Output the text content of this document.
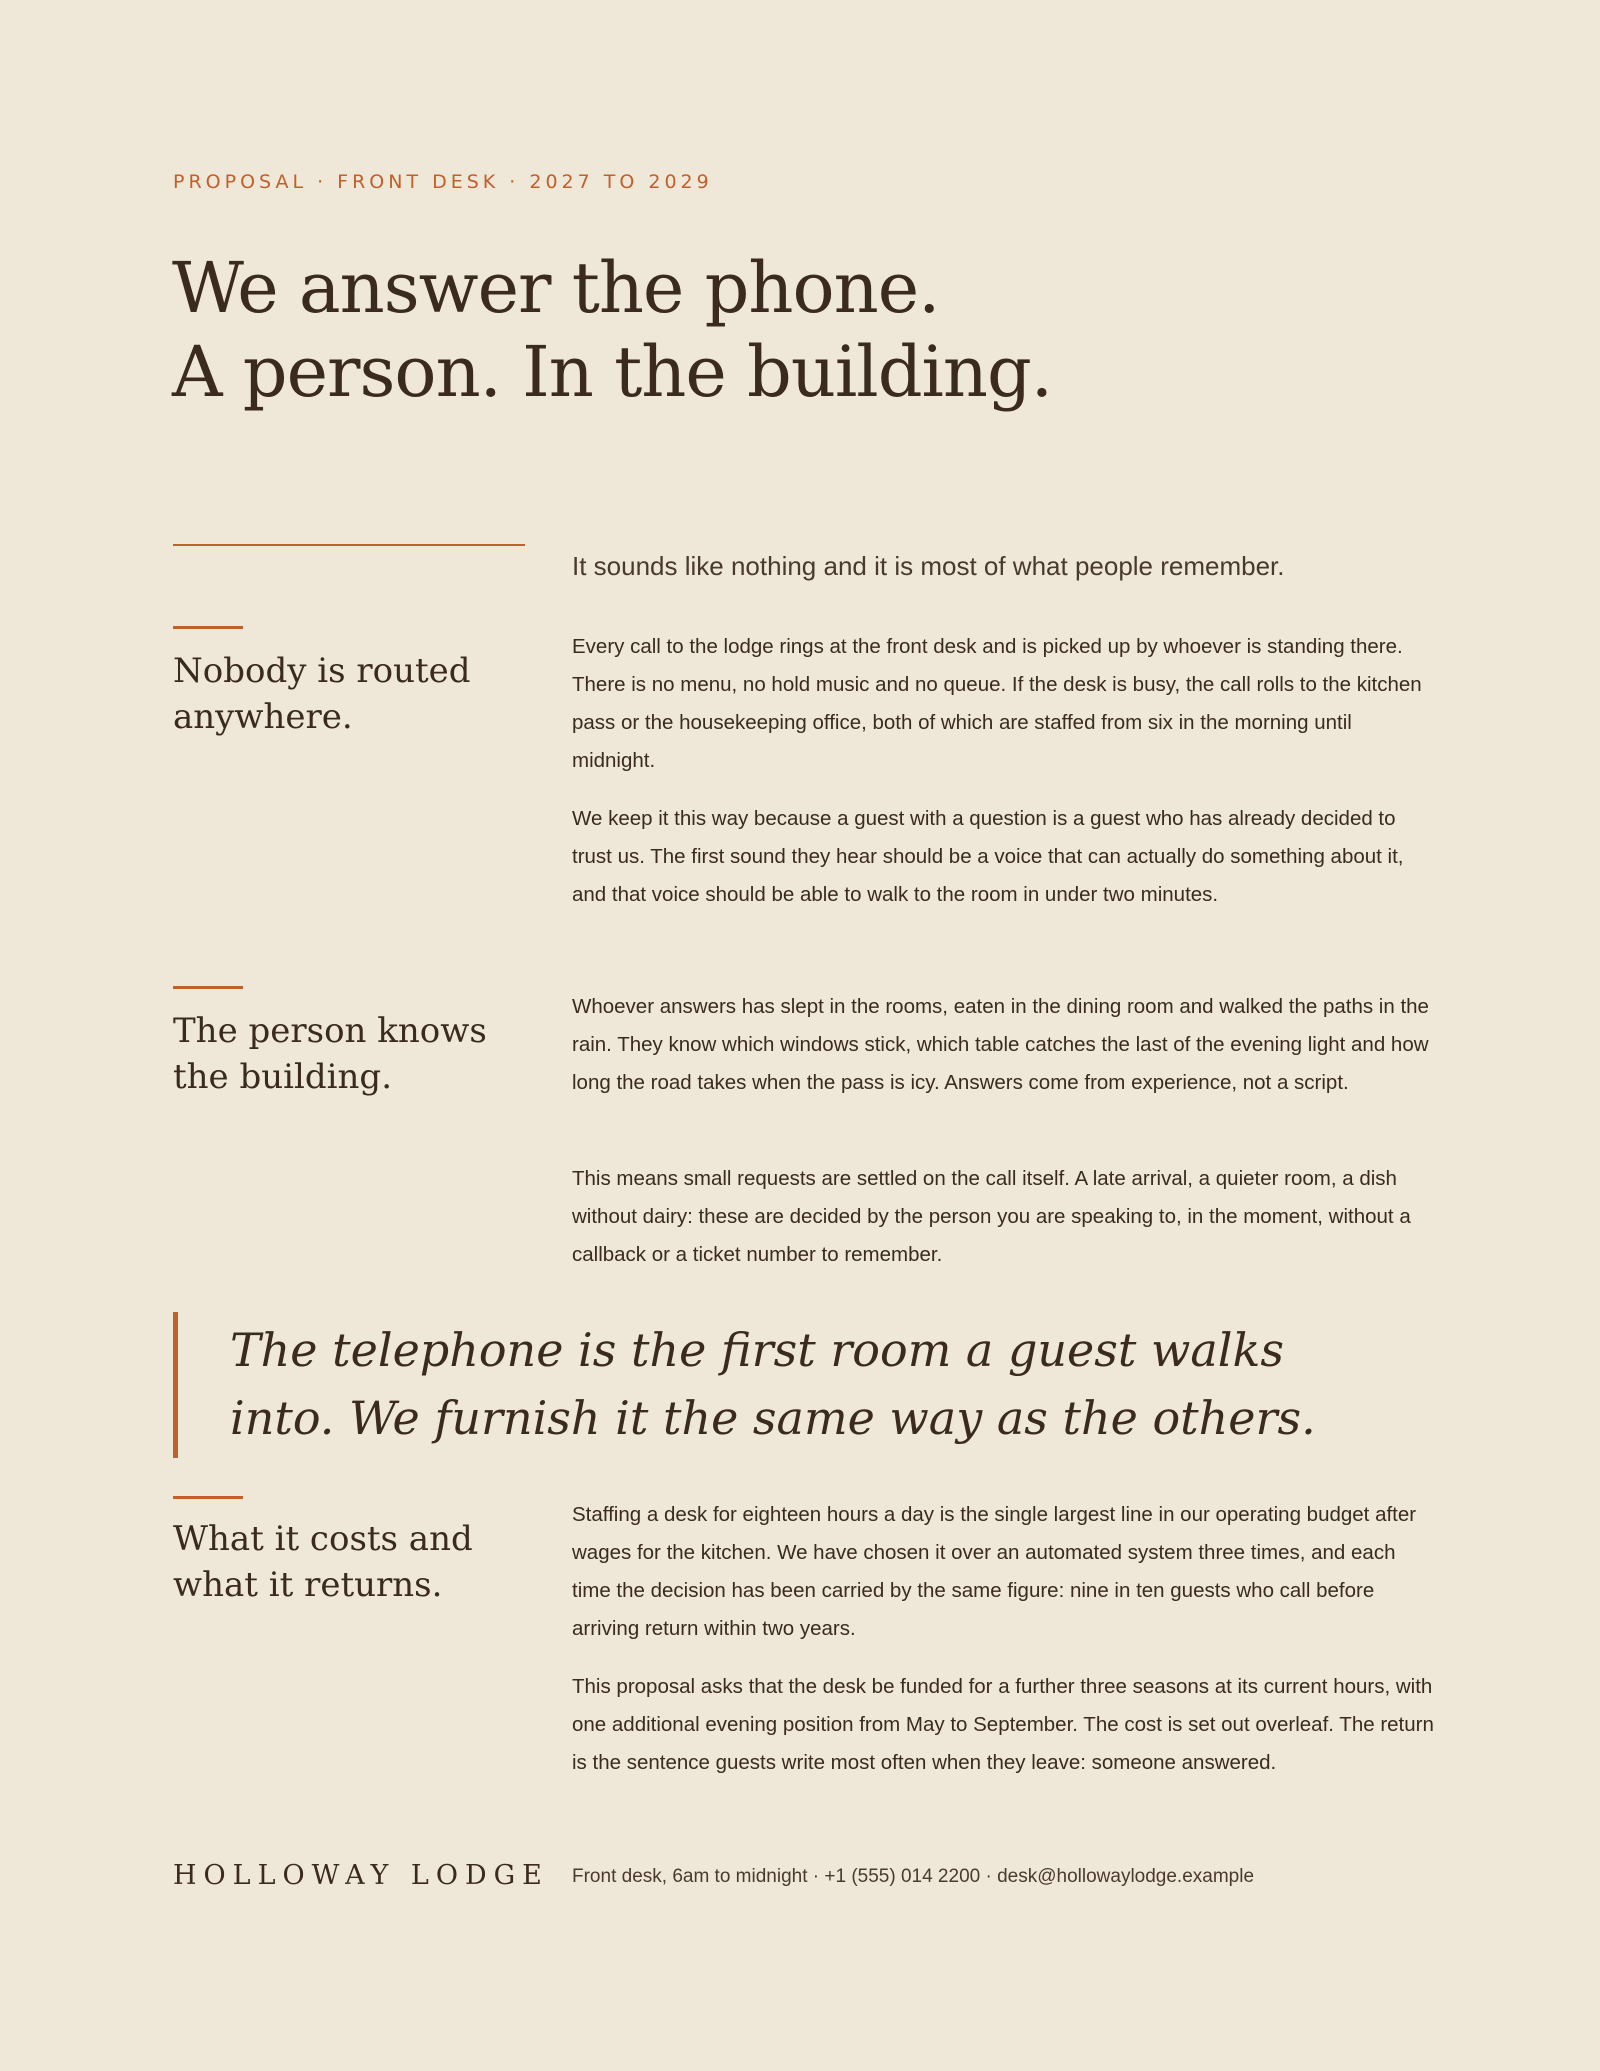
PROPOSAL · FRONT DESK · 2027 TO 2029
We answer the phone.
A person. In the building.
It sounds like nothing and it is most of what people remember.
Nobody is routed anywhere.

Every call to the lodge rings at the front desk and is picked up by whoever is standing there. There is no menu, no hold music and no queue. If the desk is busy, the call rolls to the kitchen pass or the housekeeping office, both of which are staffed from six in the morning until midnight.

We keep it this way because a guest with a question is a guest who has already decided to trust us. The first sound they hear should be a voice that can actually do something about it, and that voice should be able to walk to the room in under two minutes.

The person knows the building.

Whoever answers has slept in the rooms, eaten in the dining room and walked the paths in the rain. They know which windows stick, which table catches the last of the evening light and how long the road takes when the pass is icy. Answers come from experience, not a script.

This means small requests are settled on the call itself. A late arrival, a quieter room, a dish without dairy: these are decided by the person you are speaking to, in the moment, without a callback or a ticket number to remember.

The telephone is the first room a guest walks into. We furnish it the same way as the others.

What it costs and what it returns.

Staffing a desk for eighteen hours a day is the single largest line in our operating budget after wages for the kitchen. We have chosen it over an automated system three times, and each time the decision has been carried by the same figure: nine in ten guests who call before arriving return within two years.

This proposal asks that the desk be funded for a further three seasons at its current hours, with one additional evening position from May to September. The cost is set out overleaf. The return is the sentence guests write most often when they leave: someone answered.

HOLLOWAY LODGE Front desk, 6am to midnight · +1 (555) 014 2200 · desk@hollowaylodge.example
